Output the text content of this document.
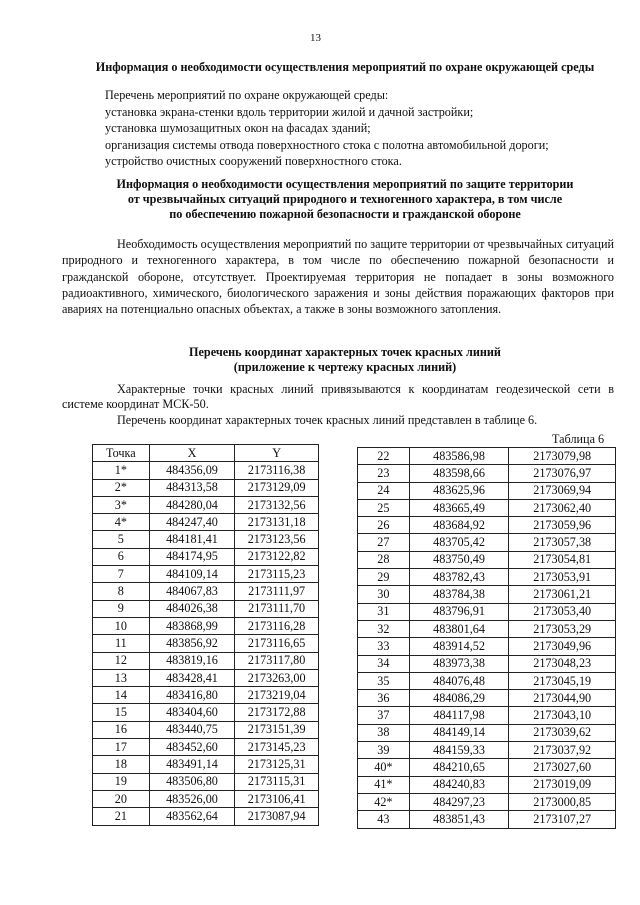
13
Информация о необходимости осуществления мероприятий по охране окружающей среды
Перечень мероприятий по охране окружающей среды:
установка экрана-стенки вдоль территории жилой и дачной застройки;
установка шумозащитных окон на фасадах зданий;
организация системы отвода поверхностного стока с полотна автомобильной дороги;
устройство очистных сооружений поверхностного стока.
Информация о необходимости осуществления мероприятий по защите территории
от чрезвычайных ситуаций природного и техногенного характера, в том числе
по обеспечению пожарной безопасности и гражданской обороне
Необходимость осуществления мероприятий по защите территории от чрезвычайных ситуаций природного и техногенного характера, в том числе по обеспечению пожарной безопасности и гражданской обороне, отсутствует. Проектируемая территория не попадает в зоны возможного радиоактивного, химического, биологического заражения и зоны действия поражающих факторов при авариях на потенциально опасных объектах, а также в зоны возможного затопления.
Перечень координат характерных точек красных линий
(приложение к чертежу красных линий)
Характерные точки красных линий привязываются к координатам геодезической сети в системе координат МСК-50.
Перечень координат характерных точек красных линий представлен в таблице 6.
Таблица 6
Точка	X	Y
1*	484356,09	2173116,38
2*	484313,58	2173129,09
3*	484280,04	2173132,56
4*	484247,40	2173131,18
5	484181,41	2173123,56
6	484174,95	2173122,82
7	484109,14	2173115,23
8	484067,83	2173111,97
9	484026,38	2173111,70
10	483868,99	2173116,28
11	483856,92	2173116,65
12	483819,16	2173117,80
13	483428,41	2173263,00
14	483416,80	2173219,04
15	483404,60	2173172,88
16	483440,75	2173151,39
17	483452,60	2173145,23
18	483491,14	2173125,31
19	483506,80	2173115,31
20	483526,00	2173106,41
21	483562,64	2173087,94
22	483586,98	2173079,98
23	483598,66	2173076,97
24	483625,96	2173069,94
25	483665,49	2173062,40
26	483684,92	2173059,96
27	483705,42	2173057,38
28	483750,49	2173054,81
29	483782,43	2173053,91
30	483784,38	2173061,21
31	483796,91	2173053,40
32	483801,64	2173053,29
33	483914,52	2173049,96
34	483973,38	2173048,23
35	484076,48	2173045,19
36	484086,29	2173044,90
37	484117,98	2173043,10
38	484149,14	2173039,62
39	484159,33	2173037,92
40*	484210,65	2173027,60
41*	484240,83	2173019,09
42*	484297,23	2173000,85
43	483851,43	2173107,27
